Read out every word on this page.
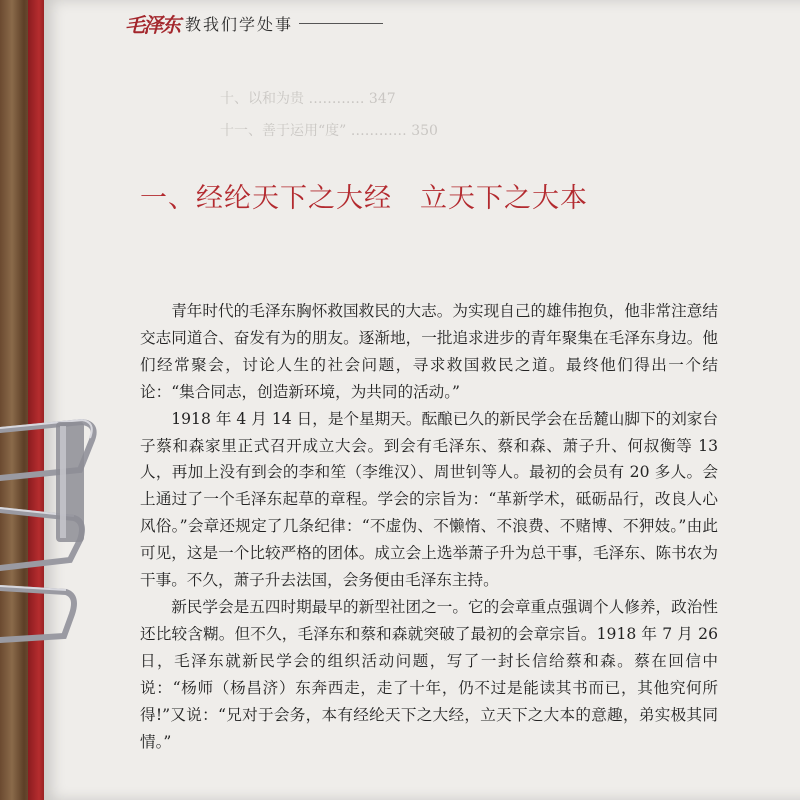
毛泽东 教我们学处事
十、以和为贵 ………… 347
十一、善于运用“度” ………… 350
一、经纶天下之大经　立天下之大本

青年时代的毛泽东胸怀救国救民的大志。为实现自己的雄伟抱负，他非常注意结交志同道合、奋发有为的朋友。逐渐地，一批追求进步的青年聚集在毛泽东身边。他们经常聚会，讨论人生的社会问题，寻求救国救民之道。最终他们得出一个结论：“集合同志，创造新环境，为共同的活动。”

1918 年 4 月 14 日，是个星期天。酝酿已久的新民学会在岳麓山脚下的刘家台子蔡和森家里正式召开成立大会。到会有毛泽东、蔡和森、萧子升、何叔衡等 13 人，再加上没有到会的李和笙（李维汉）、周世钊等人。最初的会员有 20 多人。会上通过了一个毛泽东起草的章程。学会的宗旨为：“革新学术，砥砺品行，改良人心风俗。”会章还规定了几条纪律：“不虚伪、不懒惰、不浪费、不赌博、不狎妓。”由此可见，这是一个比较严格的团体。成立会上选举萧子升为总干事，毛泽东、陈书农为干事。不久，萧子升去法国，会务便由毛泽东主持。

新民学会是五四时期最早的新型社团之一。它的会章重点强调个人修养，政治性还比较含糊。但不久，毛泽东和蔡和森就突破了最初的会章宗旨。1918 年 7 月 26 日，毛泽东就新民学会的组织活动问题，写了一封长信给蔡和森。蔡在回信中说：“杨师（杨昌济）东奔西走，走了十年，仍不过是能读其书而已，其他究何所得!”又说：“兄对于会务，本有经纶天下之大经，立天下之大本的意趣，弟实极其同情。”
